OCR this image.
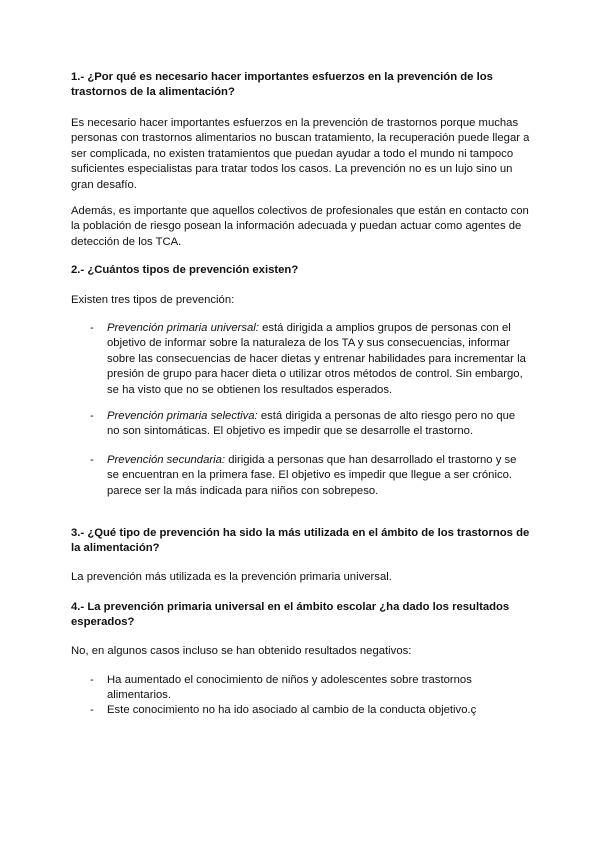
1.- ¿Por qué es necesario hacer importantes esfuerzos en la prevención de los trastornos de la alimentación?

Es necesario hacer importantes esfuerzos en la prevención de trastornos porque muchas personas con trastornos alimentarios no buscan tratamiento, la recuperación puede llegar a ser complicada, no existen tratamientos que puedan ayudar a todo el mundo ni tampoco suficientes especialistas para tratar todos los casos. La prevención no es un lujo sino un gran desafío.

Además, es importante que aquellos colectivos de profesionales que están en contacto con la población de riesgo posean la información adecuada y puedan actuar como agentes de detección de los TCA.

2.- ¿Cuántos tipos de prevención existen?

Existen tres tipos de prevención:

-	Prevención primaria universal: está dirigida a amplios grupos de personas con el objetivo de informar sobre la naturaleza de los TA y sus consecuencias, informar sobre las consecuencias de hacer dietas y entrenar habilidades para incrementar la presión de grupo para hacer dieta o utilizar otros métodos de control. Sin embargo, se ha visto que no se obtienen los resultados esperados.
-	Prevención primaria selectiva: está dirigida a personas de alto riesgo pero no que no son sintomáticas. El objetivo es impedir que se desarrolle el trastorno.
-	Prevención secundaria: dirigida a personas que han desarrollado el trastorno y se se encuentran en la primera fase. El objetivo es impedir que llegue a ser crónico. parece ser la más indicada para niños con sobrepeso.

3.- ¿Qué tipo de prevención ha sido la más utilizada en el ámbito de los trastornos de la alimentación?

La prevención más utilizada es la prevención primaria universal.

4.- La prevención primaria universal en el ámbito escolar ¿ha dado los resultados esperados?

No, en algunos casos incluso se han obtenido resultados negativos:

-	Ha aumentado el conocimiento de niños y adolescentes sobre trastornos alimentarios.
-	Este conocimiento no ha ido asociado al cambio de la conducta objetivo.ç
